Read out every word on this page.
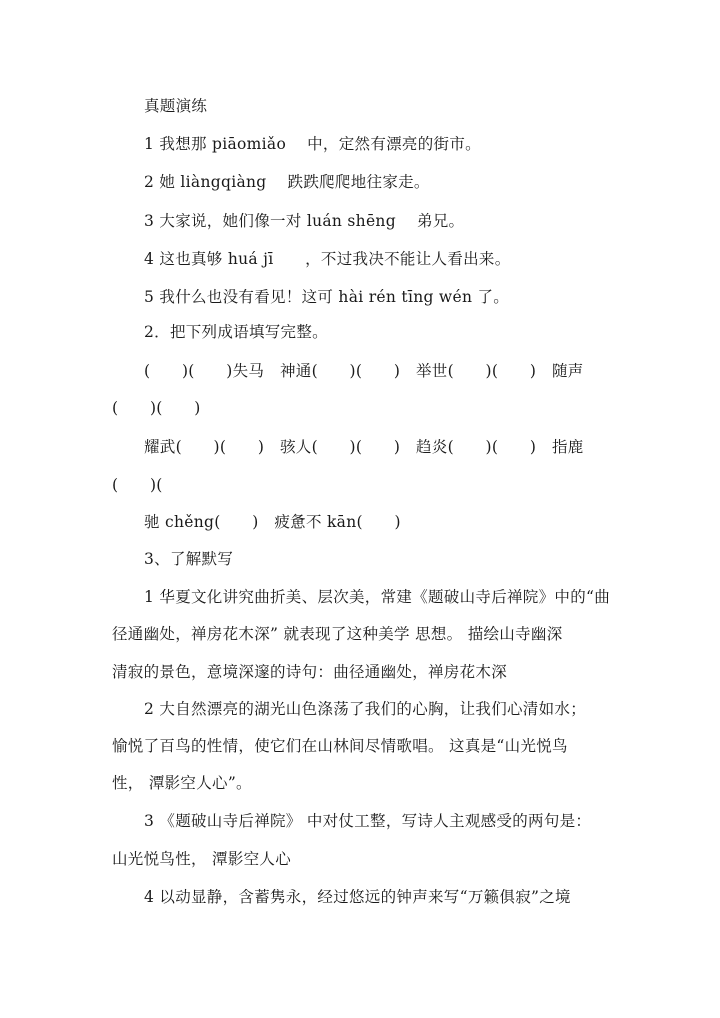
真题演练
1 我想那 piāomiǎo　 中，定然有漂亮的街市。
2 她 liàngqiàng　 跌跌爬爬地往家走。
3 大家说，她们像一对 luán shēng　 弟兄。
4 这也真够 huá jī　　，不过我决不能让人看出来。
5 我什么也没有看见！这可 hài rén tīng wén 了。
2．把下列成语填写完整。
(　　)(　　)失马　神通(　　)(　　)　举世(　　)(　　)　随声
(　　)(　　)
耀武(　　)(　　)　骇人(　　)(　　)　趋炎(　　)(　　)　指鹿
(　　)(
驰 chěng(　　)　疲惫不 kān(　　)
3、了解默写
1 华夏文化讲究曲折美、层次美，常建《题破山寺后禅院》中的“曲
径通幽处，禅房花木深” 就表现了这种美学 思想。 描绘山寺幽深
清寂的景色，意境深邃的诗句：曲径通幽处，禅房花木深
2 大自然漂亮的湖光山色涤荡了我们的心胸，让我们心清如水；
愉悦了百鸟的性情，使它们在山林间尽情歌唱。 这真是“山光悦鸟
性， 潭影空人心”。
3 《题破山寺后禅院》 中对仗工整，写诗人主观感受的两句是：
山光悦鸟性， 潭影空人心
4 以动显静，含蓄隽永，经过悠远的钟声来写“万籁俱寂”之境
